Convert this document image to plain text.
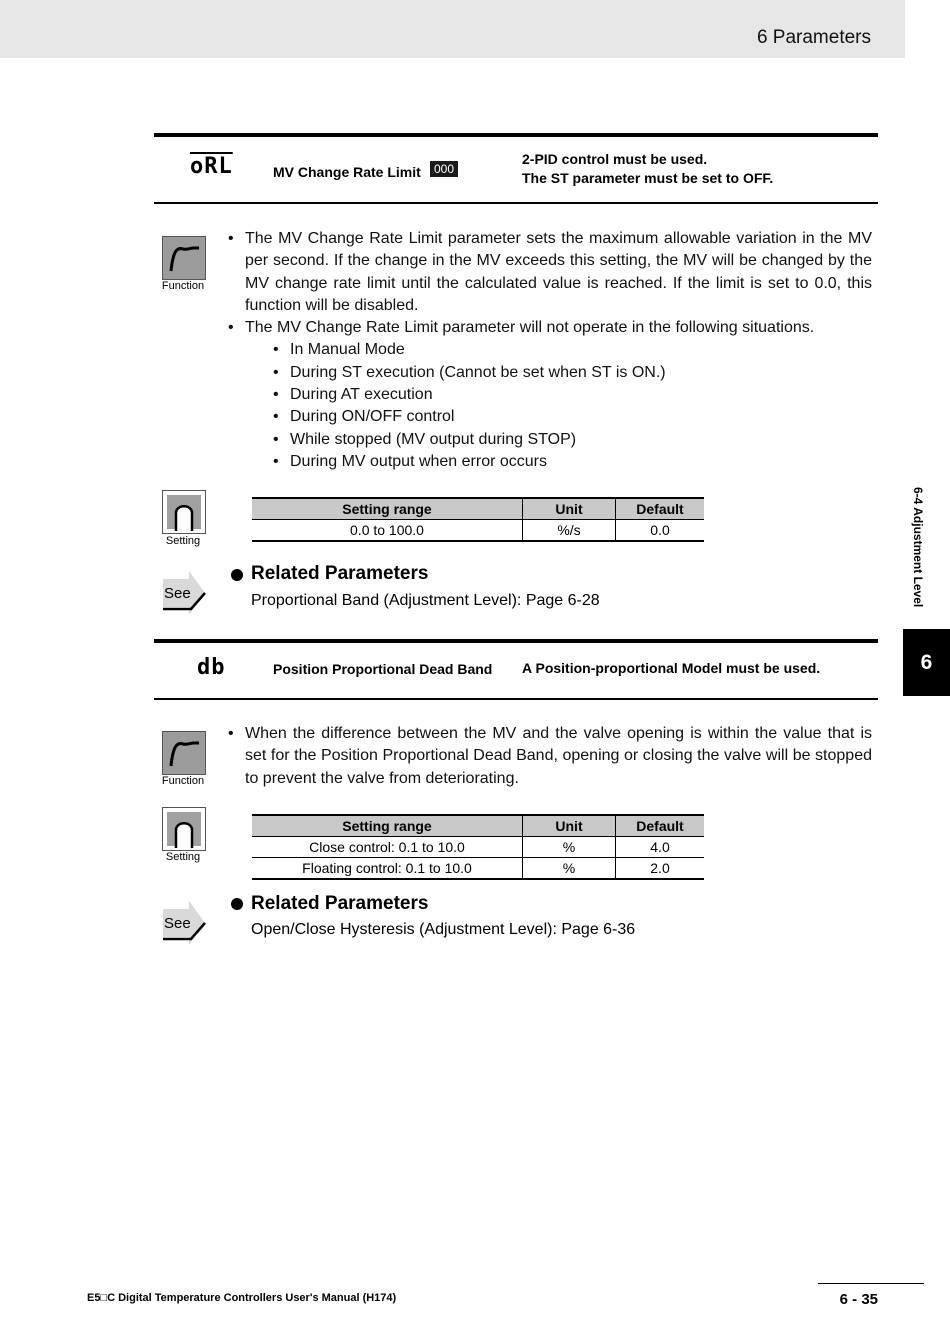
6 Parameters
$\overline{oRL}$	MV Change Rate Limit	000
2-PID control must be used.
The ST parameter must be set to OFF.
Function
• The MV Change Rate Limit parameter sets the maximum allowable variation in the MV per second. If the change in the MV exceeds this setting, the MV will be changed by the MV change rate limit until the calculated value is reached. If the limit is set to 0.0, this function will be disabled.
• The MV Change Rate Limit parameter will not operate in the following situations.
• In Manual Mode
• During ST execution (Cannot be set when ST is ON.)
• During AT execution
• During ON/OFF control
• While stopped (MV output during STOP)
• During MV output when error occurs
Setting
Setting range	Unit	Default
0.0 to 100.0	%/s	0.0
See
Related Parameters
Proportional Band (Adjustment Level): Page 6-28
db	Position Proportional Dead Band A Position-proportional Model must be used.
Function
• When the difference between the MV and the valve opening is within the value that is set for the Position Proportional Dead Band, opening or closing the valve will be stopped to prevent the valve from deteriorating.
Setting
Setting range	Unit	Default
Close control: 0.1 to 10.0	%	4.0
Floating control: 0.1 to 10.0	%	2.0
See
Related Parameters
Open/Close Hysteresis (Adjustment Level): Page 6-36
6-4 Adjustment Level
6
E5□C Digital Temperature Controllers User's Manual (H174)	6 - 35
